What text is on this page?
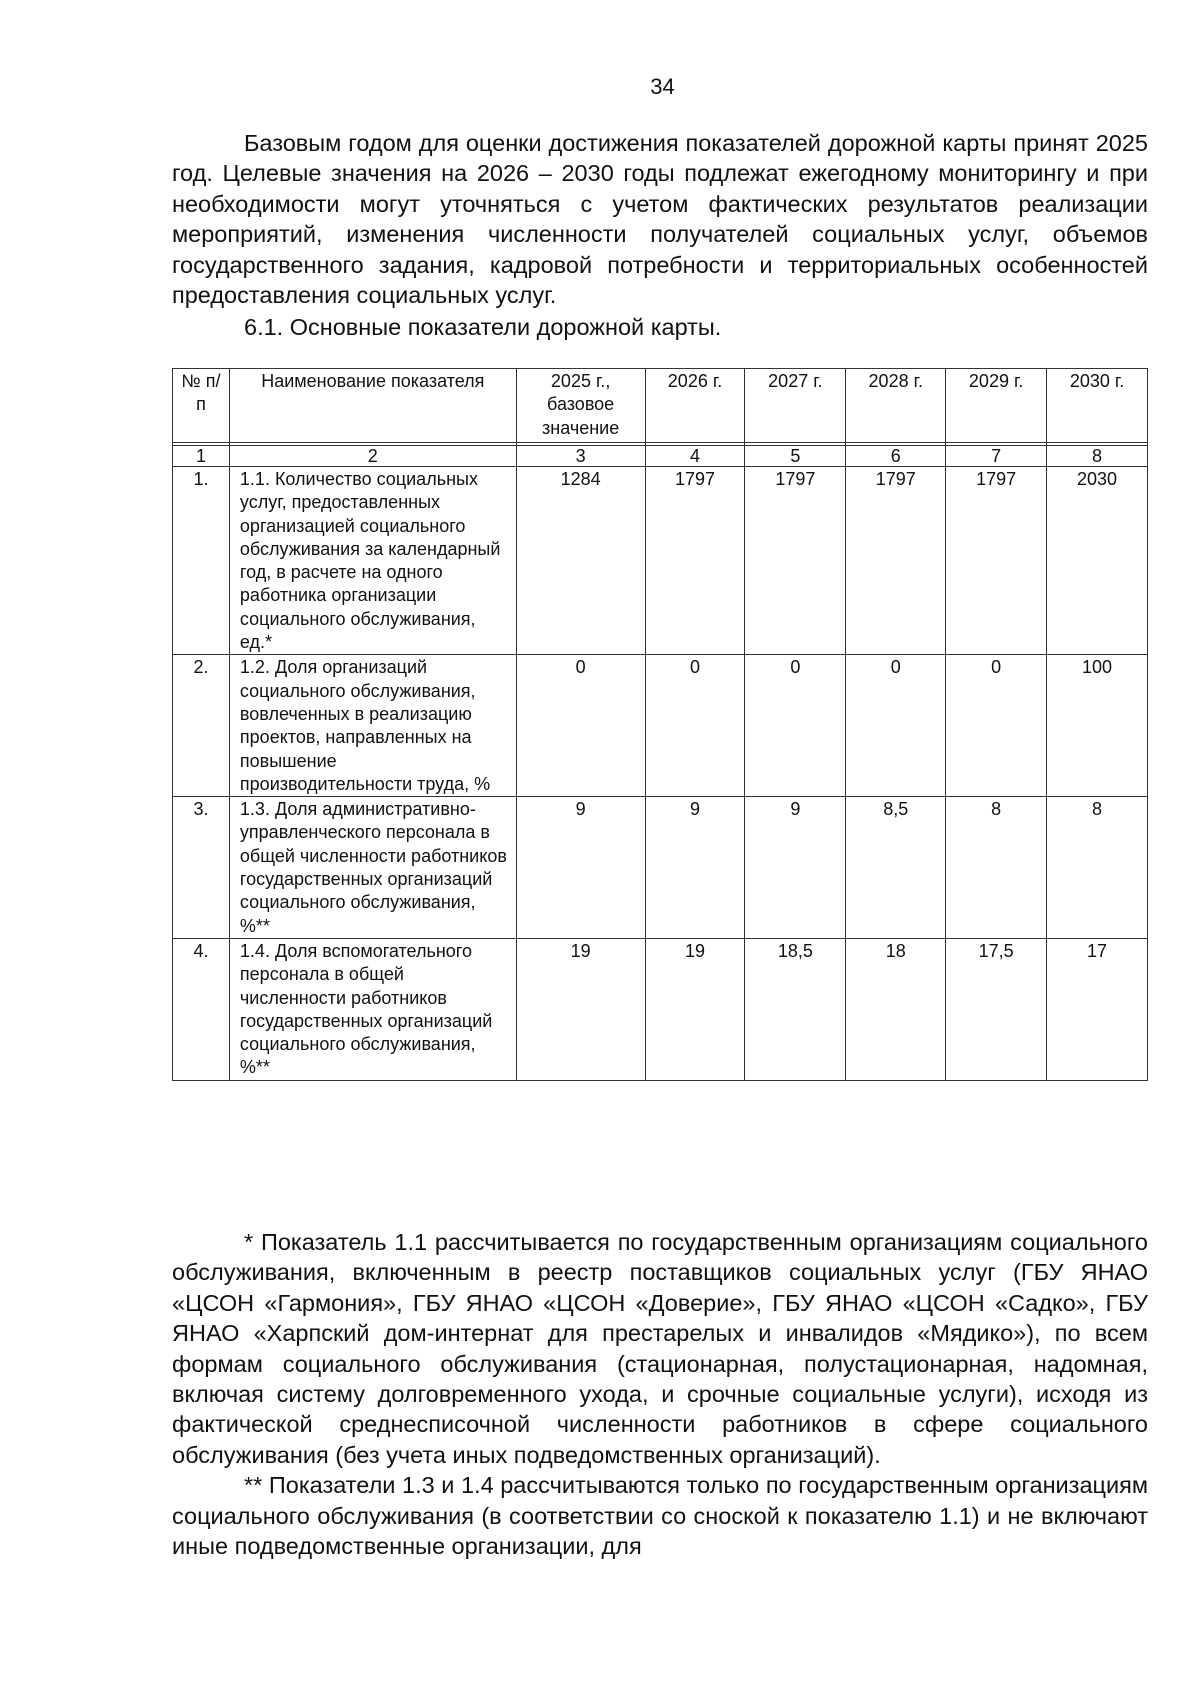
34

Базовым годом для оценки достижения показателей дорожной карты принят 2025 год. Целевые значения на 2026 – 2030 годы подлежат ежегодному мониторингу и при необходимости могут уточняться с учетом фактических результатов реализации мероприятий, изменения численности получателей социальных услуг, объемов государственного задания, кадровой потребности и территориальных особенностей предоставления социальных услуг.

6.1. Основные показатели дорожной карты.
№ п/п	Наименование показателя	2025 г., базовое значение	2026 г.	2027 г.	2028 г.	2029 г.	2030 г.

1	2	3	4	5	6	7	8
1.	1.1. Количество социальных услуг, предоставленных организацией социального обслуживания за календарный год, в расчете на одного работника организации социального обслуживания, ед.*	1284	1797	1797	1797	1797	2030
2.	1.2. Доля организаций социального обслуживания, вовлеченных в реализацию проектов, направленных на повышение производительности труда, %	0	0	0	0	0	100
3.	1.3. Доля административно-управленческого персонала в общей численности работников государственных организаций социального обслуживания, %**	9	9	9	8,5	8	8
4.	1.4. Доля вспомогательного персонала в общей численности работников государственных организаций социального обслуживания, %**	19	19	18,5	18	17,5	17

* Показатель 1.1 рассчитывается по государственным организациям социального обслуживания, включенным в реестр поставщиков социальных услуг (ГБУ ЯНАО «ЦСОН «Гармония», ГБУ ЯНАО «ЦСОН «Доверие», ГБУ ЯНАО «ЦСОН «Садко», ГБУ ЯНАО «Харпский дом-интернат для престарелых и инвалидов «Мядико»), по всем формам социального обслуживания (стационарная, полустационарная, надомная, включая систему долговременного ухода, и срочные социальные услуги), исходя из фактической среднесписочной численности работников в сфере социального обслуживания (без учета иных подведомственных организаций).

** Показатели 1.3 и 1.4 рассчитываются только по государственным организациям социального обслуживания (в соответствии со сноской к показателю 1.1) и не включают иные подведомственные организации, для
